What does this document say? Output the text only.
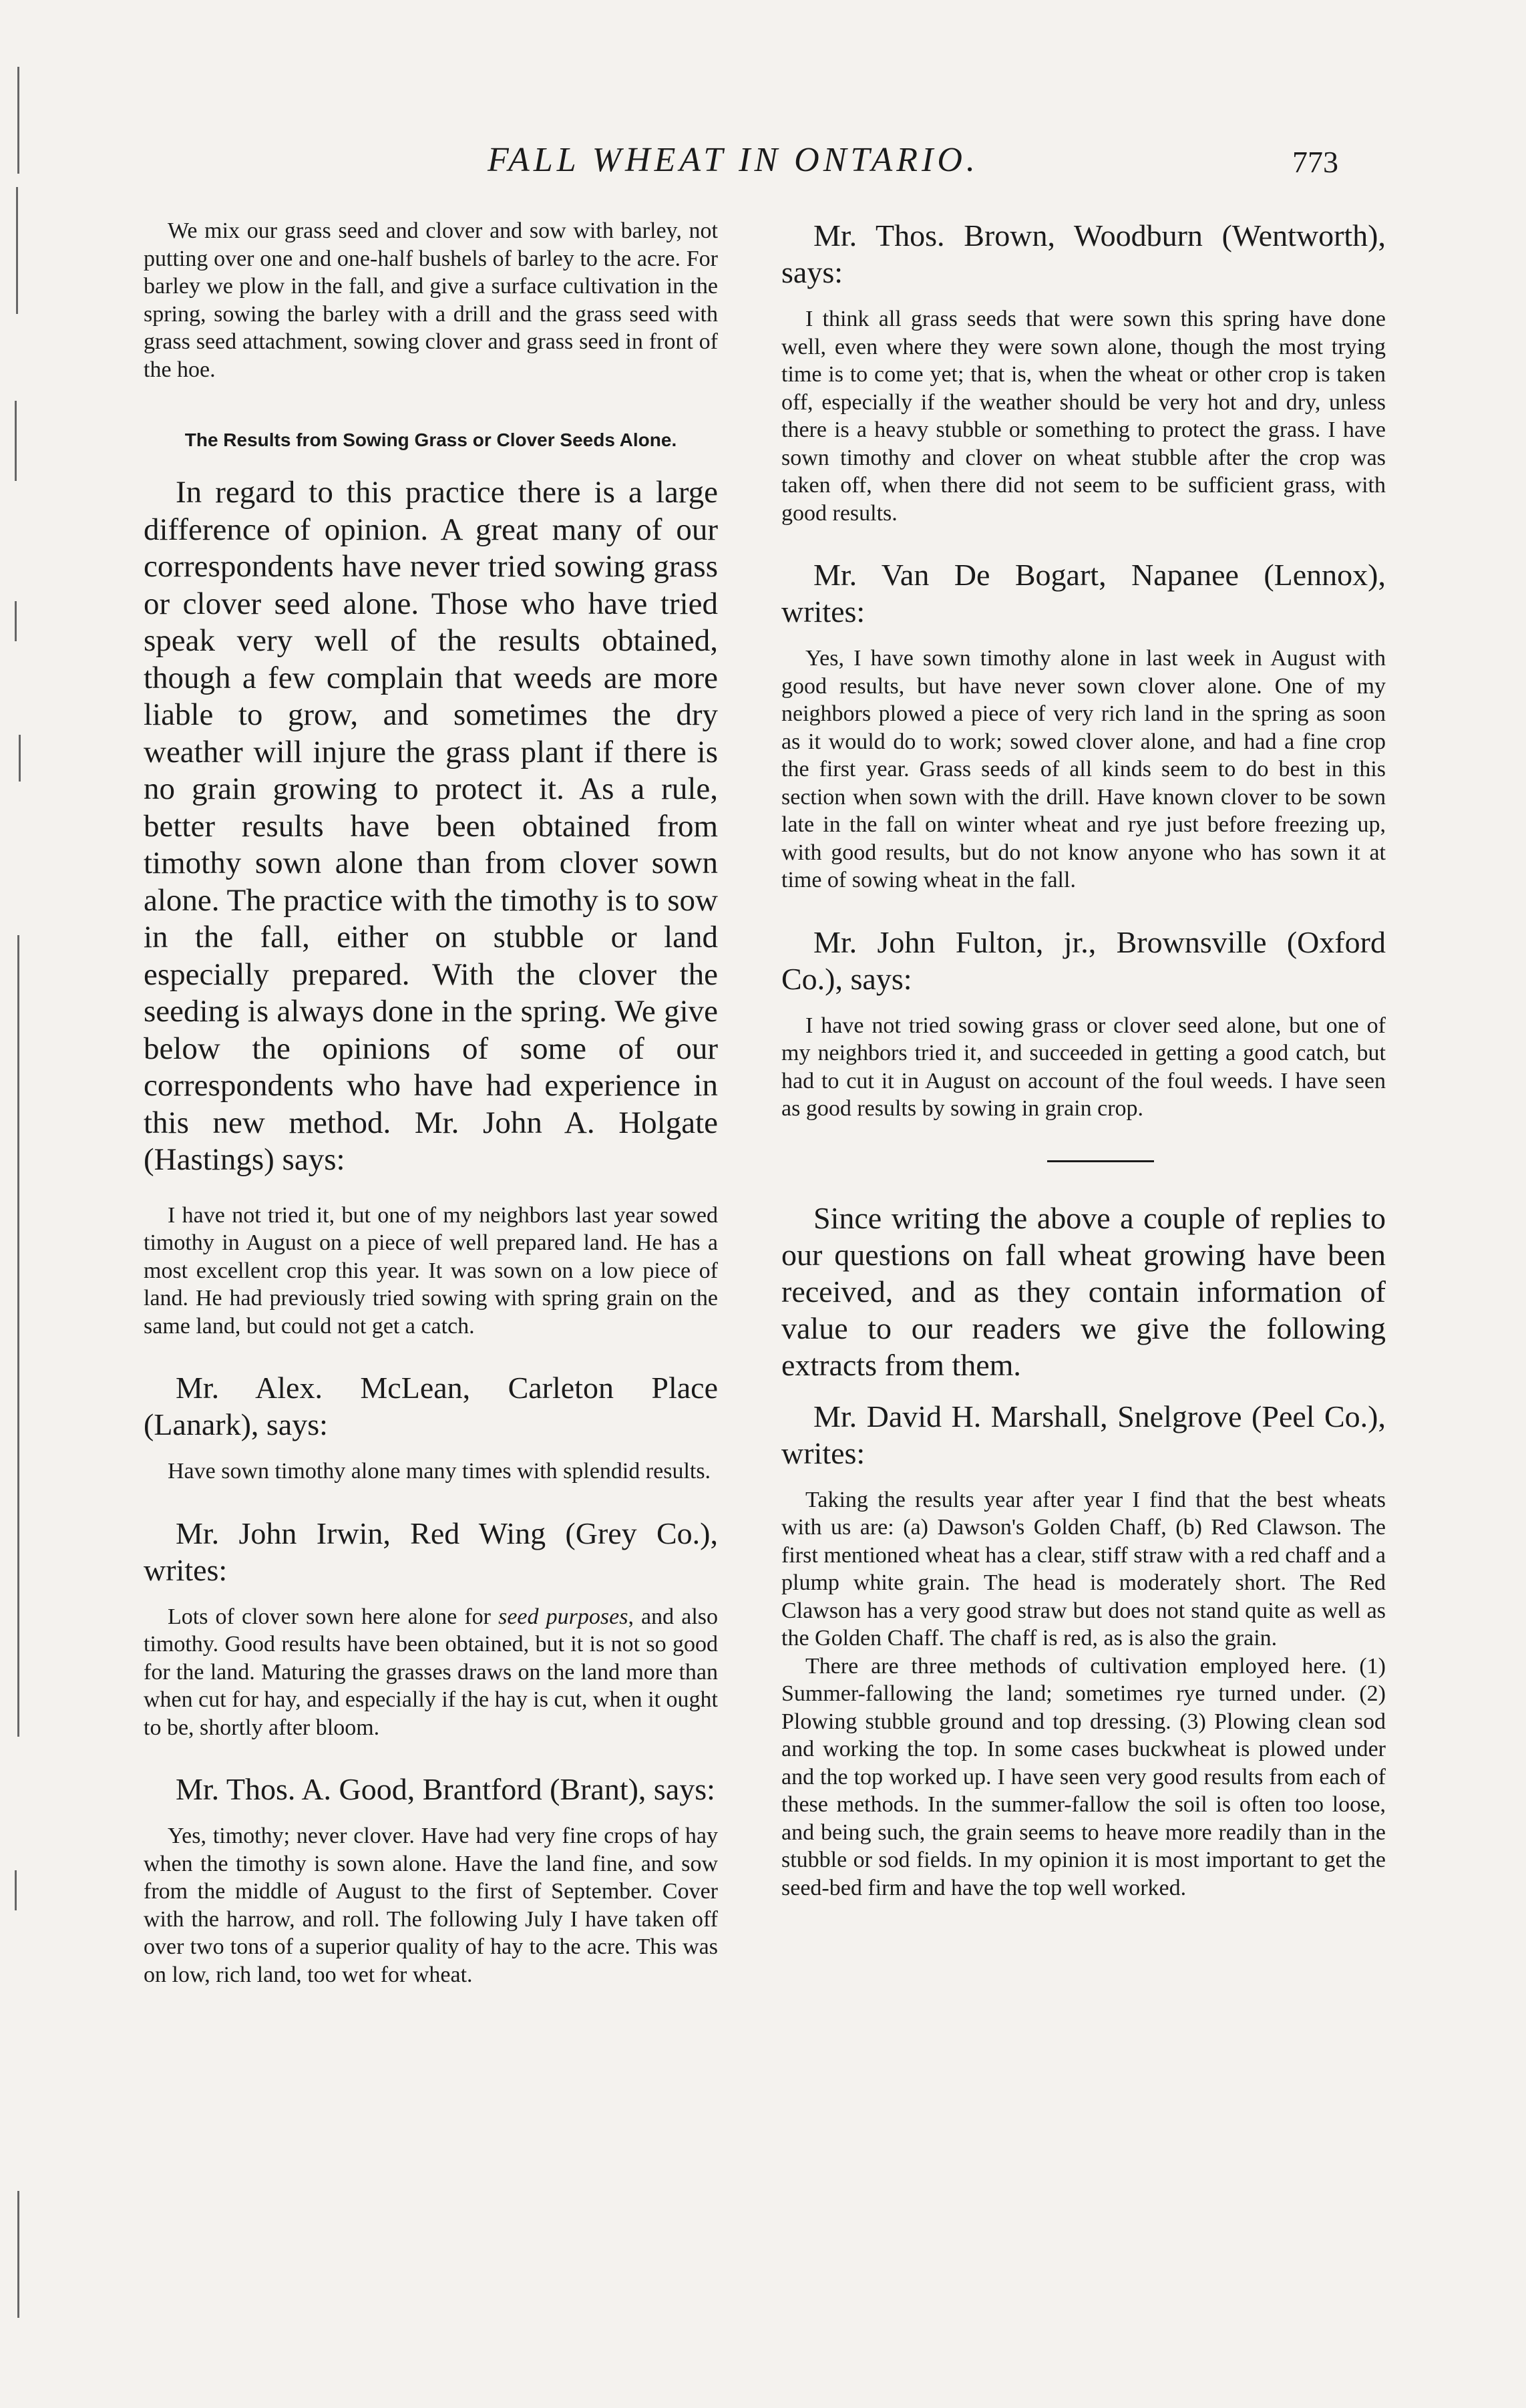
FALL WHEAT IN ONTARIO.	773

We mix our grass seed and clover and sow with barley, not putting over one and one-half bushels of barley to the acre. For barley we plow in the fall, and give a surface cultivation in the spring, sowing the barley with a drill and the grass seed with grass seed attachment, sowing clover and grass seed in front of the hoe.

The Results from Sowing Grass or Clover Seeds Alone.

In regard to this practice there is a large difference of opinion. A great many of our correspondents have never tried sowing grass or clover seed alone. Those who have tried speak very well of the results obtained, though a few complain that weeds are more liable to grow, and sometimes the dry weather will injure the grass plant if there is no grain growing to protect it. As a rule, better results have been obtained from timothy sown alone than from clover sown alone. The practice with the timothy is to sow in the fall, either on stubble or land especially prepared. With the clover the seeding is always done in the spring. We give below the opinions of some of our correspondents who have had experience in this new method. Mr. John A. Holgate (Hastings) says:

I have not tried it, but one of my neighbors last year sowed timothy in August on a piece of well prepared land. He has a most excellent crop this year. It was sown on a low piece of land. He had previously tried sowing with spring grain on the same land, but could not get a catch.

Mr. Alex. McLean, Carleton Place (Lanark), says:

Have sown timothy alone many times with splendid results.

Mr. John Irwin, Red Wing (Grey Co.), writes:

Lots of clover sown here alone for seed purposes, and also timothy. Good results have been obtained, but it is not so good for the land. Maturing the grasses draws on the land more than when cut for hay, and especially if the hay is cut, when it ought to be, shortly after bloom.

Mr. Thos. A. Good, Brantford (Brant), says:

Yes, timothy; never clover. Have had very fine crops of hay when the timothy is sown alone. Have the land fine, and sow from the middle of August to the first of September. Cover with the harrow, and roll. The following July I have taken off over two tons of a superior quality of hay to the acre. This was on low, rich land, too wet for wheat.

Mr. Thos. Brown, Woodburn (Wentworth), says:

I think all grass seeds that were sown this spring have done well, even where they were sown alone, though the most trying time is to come yet; that is, when the wheat or other crop is taken off, especially if the weather should be very hot and dry, unless there is a heavy stubble or something to protect the grass. I have sown timothy and clover on wheat stubble after the crop was taken off, when there did not seem to be sufficient grass, with good results.

Mr. Van De Bogart, Napanee (Lennox), writes:

Yes, I have sown timothy alone in last week in August with good results, but have never sown clover alone. One of my neighbors plowed a piece of very rich land in the spring as soon as it would do to work; sowed clover alone, and had a fine crop the first year. Grass seeds of all kinds seem to do best in this section when sown with the drill. Have known clover to be sown late in the fall on winter wheat and rye just before freezing up, with good results, but do not know anyone who has sown it at time of sowing wheat in the fall.

Mr. John Fulton, jr., Brownsville (Oxford Co.), says:

I have not tried sowing grass or clover seed alone, but one of my neighbors tried it, and succeeded in getting a good catch, but had to cut it in August on account of the foul weeds. I have seen as good results by sowing in grain crop.

Since writing the above a couple of replies to our questions on fall wheat growing have been received, and as they contain information of value to our readers we give the following extracts from them.

Mr. David H. Marshall, Snelgrove (Peel Co.), writes:

Taking the results year after year I find that the best wheats with us are: (a) Dawson's Golden Chaff, (b) Red Clawson. The first mentioned wheat has a clear, stiff straw with a red chaff and a plump white grain. The head is moderately short. The Red Clawson has a very good straw but does not stand quite as well as the Golden Chaff. The chaff is red, as is also the grain.

There are three methods of cultivation employed here. (1) Summer-fallowing the land; sometimes rye turned under. (2) Plowing stubble ground and top dressing. (3) Plowing clean sod and working the top. In some cases buckwheat is plowed under and the top worked up. I have seen very good results from each of these methods. In the summer-fallow the soil is often too loose, and being such, the grain seems to heave more readily than in the stubble or sod fields. In my opinion it is most important to get the seed-bed firm and have the top well worked.
